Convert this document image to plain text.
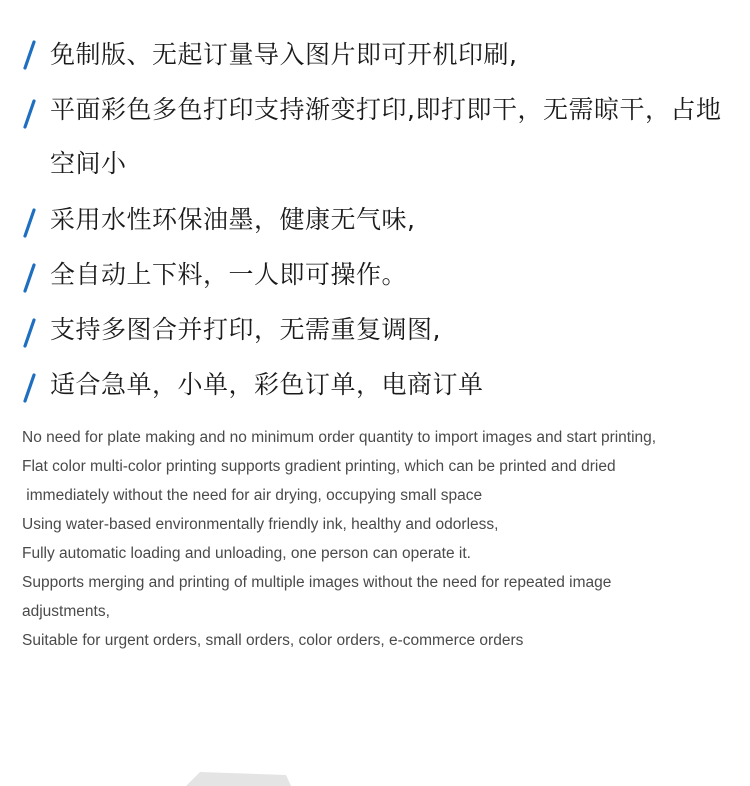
免制版、无起订量导入图片即可开机印刷,
平面彩色多色打印支持渐变打印,即打即干，无需晾干，占地空间小
采用水性环保油墨，健康无气味,
全自动上下料，一人即可操作。
支持多图合并打印，无需重复调图,
适合急单，小单，彩色订单，电商订单

No need for plate making and no minimum order quantity to import images and start printing,

Flat color multi-color printing supports gradient printing, which can be printed and dried

immediately without the need for air drying, occupying small space

Using water-based environmentally friendly ink, healthy and odorless,

Fully automatic loading and unloading, one person can operate it.

Supports merging and printing of multiple images without the need for repeated image

adjustments,

Suitable for urgent orders, small orders, color orders, e-commerce orders
